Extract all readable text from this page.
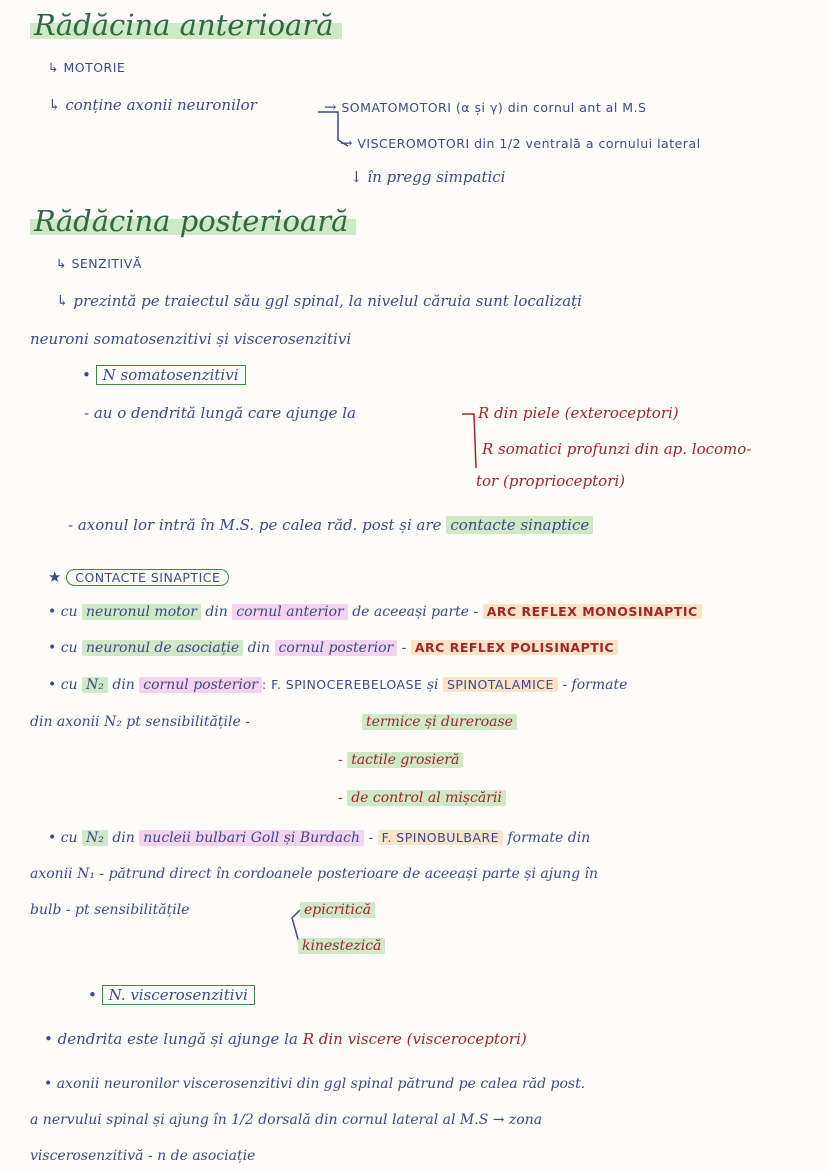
Rădăcina anterioară
↳ MOTORIE
↳ conține axonii neuronilor	→ SOMATOMOTORI (α și γ) din cornul ant al M.S
→ VISCEROMOTORI din 1/2 ventrală a cornului lateral
↓ în pregg simpatici
Rădăcina posterioară
↳ SENZITIVĂ
↳ prezintă pe traiectul său ggl spinal, la nivelul căruia sunt localizați
neuroni somatosenzitivi și viscerosenzitivi
• N somatosenzitivi
- au o dendrită lungă care ajunge la	R din piele (exteroceptori)
R somatici profunzi din ap. locomo-
tor (proprioceptori)
- axonul lor intră în M.S. pe calea răd. post și are contacte sinaptice
★ CONTACTE SINAPTICE
• cu neuronul motor din cornul anterior de aceeași parte - ARC REFLEX MONOSINAPTIC
• cu neuronul de asociație din cornul posterior - ARC REFLEX POLISINAPTIC
• cu N₂ din cornul posterior : F. SPINOCEREBELOASE și SPINOTALAMICE - formate
din axonii N₂ pt sensibilitățile -	termice și dureroase
- tactile grosieră
- de control al mișcării
• cu N₂ din nucleii bulbari Goll și Burdach - F. SPINOBULBARE formate din
axonii N₁ - pătrund direct în cordoanele posterioare de aceeași parte și ajung în
bulb - pt sensibilitățile	epicritică
kinestezică
• N. viscerosenzitivi
• dendrita este lungă și ajunge la R din viscere (visceroceptori)
• axonii neuronilor viscerosenzitivi din ggl spinal pătrund pe calea răd post.
a nervului spinal și ajung în 1/2 dorsală din cornul lateral al M.S → zona
viscerosenzitivă - n de asociație
